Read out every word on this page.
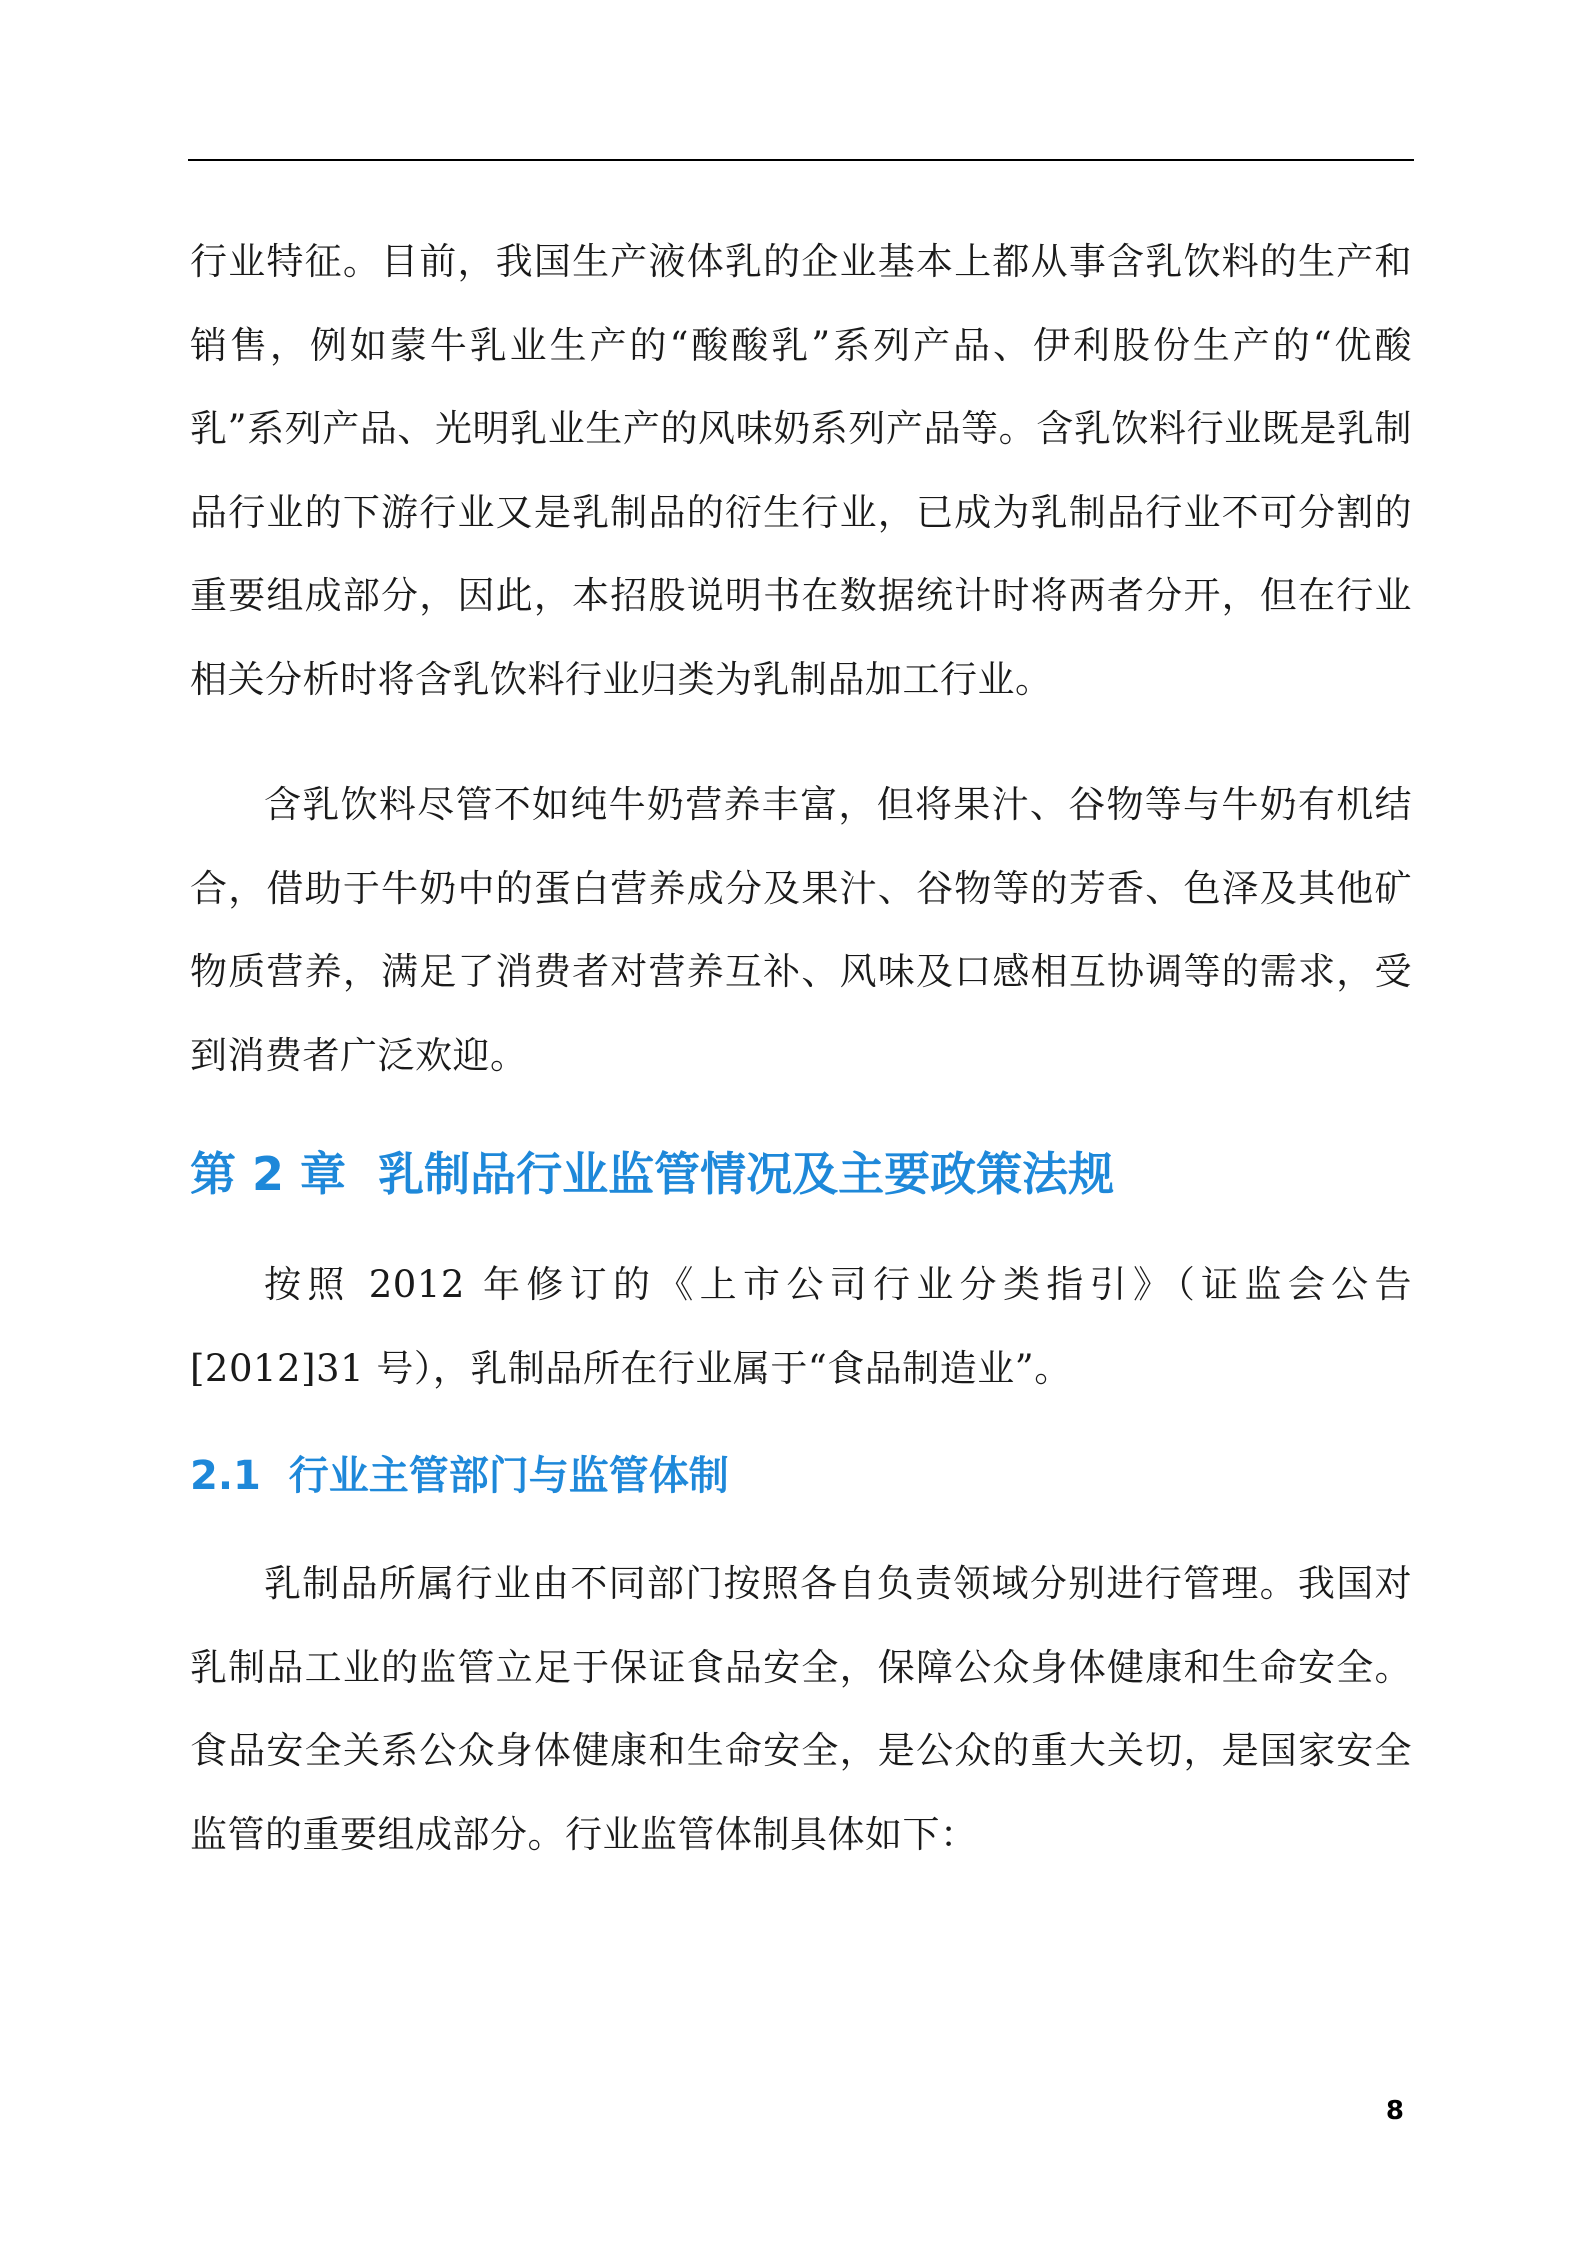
行业特征。目前，我国生产液体乳的企业基本上都从事含乳饮料的生产和销售，例如蒙牛乳业生产的“酸酸乳”系列产品、伊利股份生产的“优酸乳”系列产品、光明乳业生产的风味奶系列产品等。含乳饮料行业既是乳制品行业的下游行业又是乳制品的衍生行业，已成为乳制品行业不可分割的重要组成部分，因此，本招股说明书在数据统计时将两者分开，但在行业相关分析时将含乳饮料行业归类为乳制品加工行业。

含乳饮料尽管不如纯牛奶营养丰富，但将果汁、谷物等与牛奶有机结合，借助于牛奶中的蛋白营养成分及果汁、谷物等的芳香、色泽及其他矿物质营养，满足了消费者对营养互补、风味及口感相互协调等的需求，受到消费者广泛欢迎。

第 2 章  乳制品行业监管情况及主要政策法规

按照 2012 年修订的《上市公司行业分类指引》（证监会公告[2012]31 号），乳制品所在行业属于“食品制造业”。

2.1  行业主管部门与监管体制

乳制品所属行业由不同部门按照各自负责领域分别进行管理。我国对乳制品工业的监管立足于保证食品安全，保障公众身体健康和生命安全。食品安全关系公众身体健康和生命安全，是公众的重大关切，是国家安全监管的重要组成部分。行业监管体制具体如下：

8
